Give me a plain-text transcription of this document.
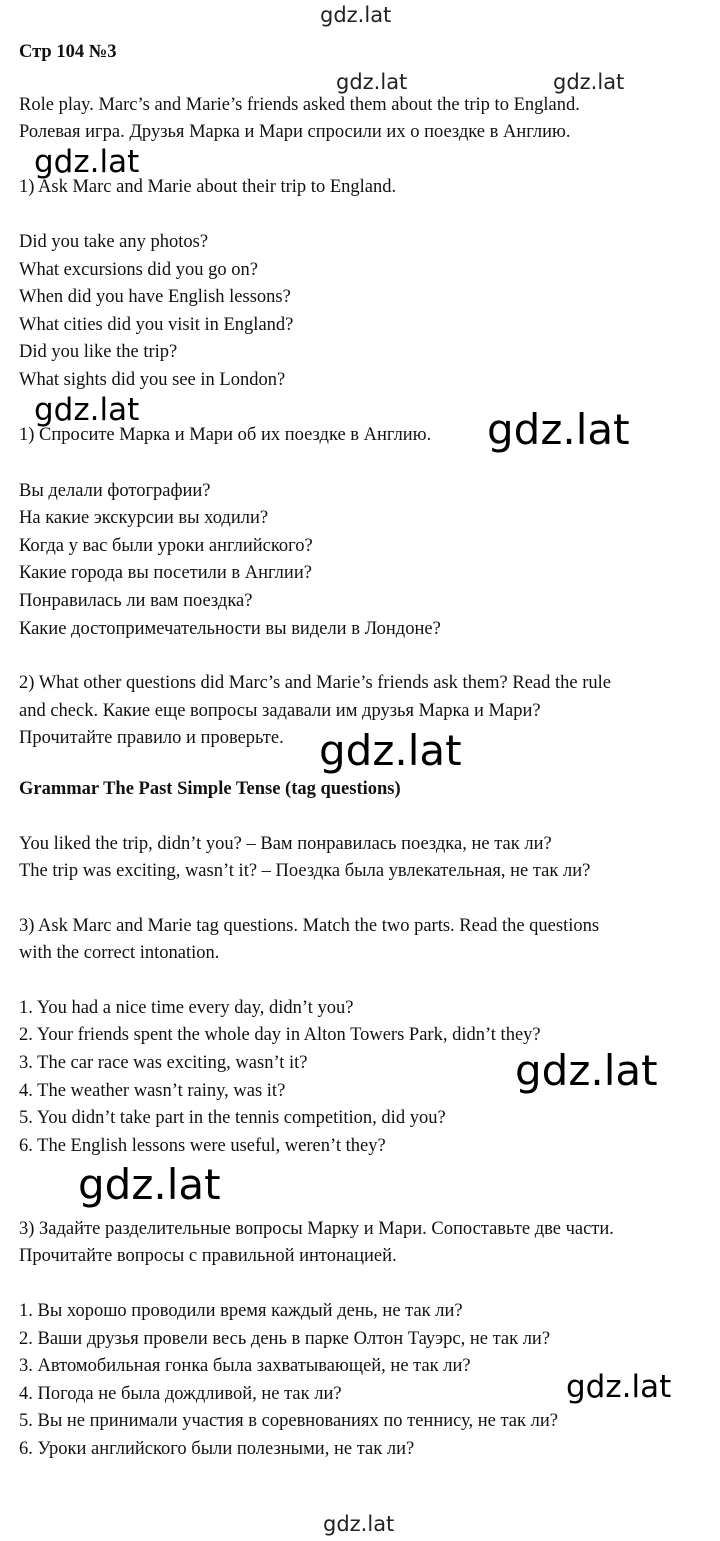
gdz.lat
gdz.lat	gdz.lat
gdz.lat
gdz.lat	gdz.lat
gdz.lat
gdz.lat
gdz.lat
gdz.lat
gdz.lat
Стр 104 №3
Role play. Marc’s and Marie’s friends asked them about the trip to England.
Ролевая игра. Друзья Марка и Мари спросили их о поездке в Англию.
1) Ask Marc and Marie about their trip to England.
Did you take any photos?
What excursions did you go on?
When did you have English lessons?
What cities did you visit in England?
Did you like the trip?
What sights did you see in London?
1) Спросите Марка и Мари об их поездке в Англию.
Вы делали фотографии?
На какие экскурсии вы ходили?
Когда у вас были уроки английского?
Какие города вы посетили в Англии?
Понравилась ли вам поездка?
Какие достопримечательности вы видели в Лондоне?
2) What other questions did Marc’s and Marie’s friends ask them? Read the rule
and check. Какие еще вопросы задавали им друзья Марка и Мари?
Прочитайте правило и проверьте.
Grammar The Past Simple Tense (tag questions)
You liked the trip, didn’t you? – Вам понравилась поездка, не так ли?
The trip was exciting, wasn’t it? – Поездка была увлекательная, не так ли?
3) Ask Marc and Marie tag questions. Match the two parts. Read the questions
with the correct intonation.
1. You had a nice time every day, didn’t you?
2. Your friends spent the whole day in Alton Towers Park, didn’t they?
3. The car race was exciting, wasn’t it?
4. The weather wasn’t rainy, was it?
5. You didn’t take part in the tennis competition, did you?
6. The English lessons were useful, weren’t they?
3) Задайте разделительные вопросы Марку и Мари. Сопоставьте две части.
Прочитайте вопросы с правильной интонацией.
1. Вы хорошо проводили время каждый день, не так ли?
2. Ваши друзья провели весь день в парке Олтон Тауэрс, не так ли?
3. Автомобильная гонка была захватывающей, не так ли?
4. Погода не была дождливой, не так ли?
5. Вы не принимали участия в соревнованиях по теннису, не так ли?
6. Уроки английского были полезными, не так ли?
